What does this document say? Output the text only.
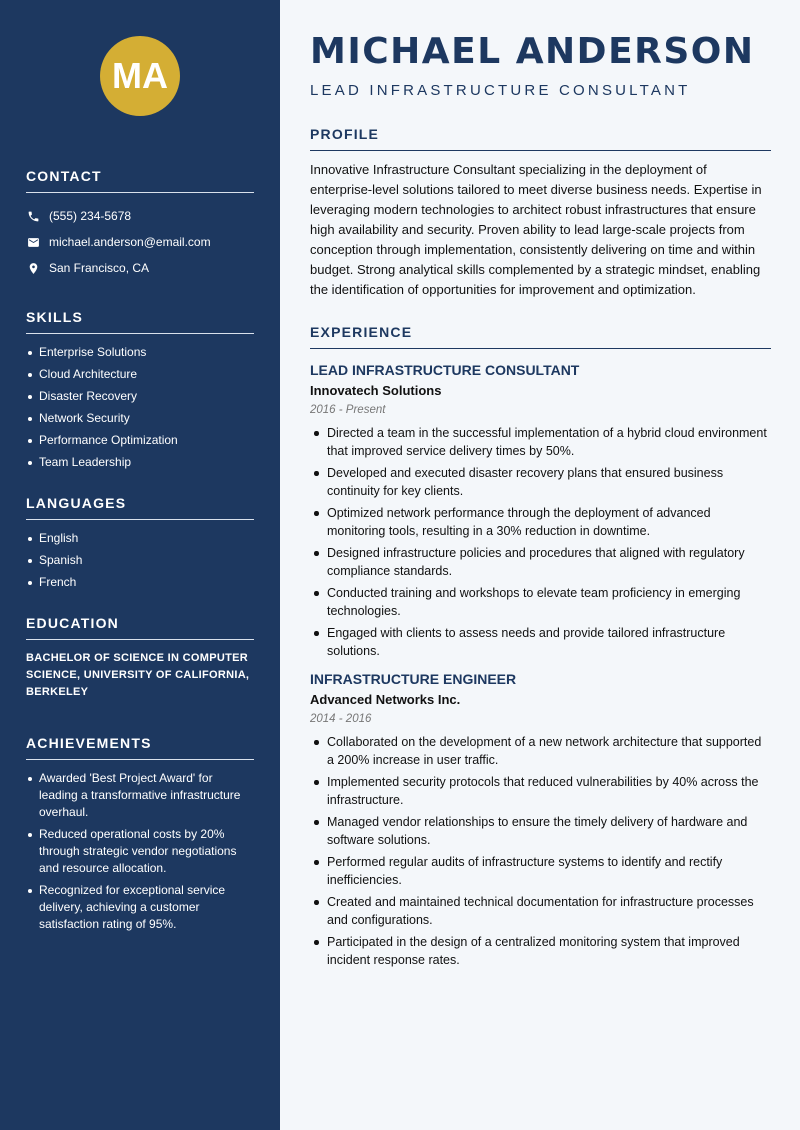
MA
CONTACT
(555) 234-5678
michael.anderson@email.com
San Francisco, CA
SKILLS
Enterprise Solutions
Cloud Architecture
Disaster Recovery
Network Security
Performance Optimization
Team Leadership
LANGUAGES
English
Spanish
French
EDUCATION
BACHELOR OF SCIENCE IN COMPUTER SCIENCE, UNIVERSITY OF CALIFORNIA, BERKELEY
ACHIEVEMENTS
Awarded 'Best Project Award' for leading a transformative infrastructure overhaul.
Reduced operational costs by 20% through strategic vendor negotiations and resource allocation.
Recognized for exceptional service delivery, achieving a customer satisfaction rating of 95%.
MICHAEL ANDERSON
LEAD INFRASTRUCTURE CONSULTANT
PROFILE

Innovative Infrastructure Consultant specializing in the deployment of enterprise-level solutions tailored to meet diverse business needs. Expertise in leveraging modern technologies to architect robust infrastructures that ensure high availability and security. Proven ability to lead large-scale projects from conception through implementation, consistently delivering on time and within budget. Strong analytical skills complemented by a strategic mindset, enabling the identification of opportunities for improvement and optimization.

EXPERIENCE
LEAD INFRASTRUCTURE CONSULTANT
Innovatech Solutions
2016 - Present
Directed a team in the successful implementation of a hybrid cloud environment that improved service delivery times by 50%.
Developed and executed disaster recovery plans that ensured business continuity for key clients.
Optimized network performance through the deployment of advanced monitoring tools, resulting in a 30% reduction in downtime.
Designed infrastructure policies and procedures that aligned with regulatory compliance standards.
Conducted training and workshops to elevate team proficiency in emerging technologies.
Engaged with clients to assess needs and provide tailored infrastructure solutions.
INFRASTRUCTURE ENGINEER
Advanced Networks Inc.
2014 - 2016
Collaborated on the development of a new network architecture that supported a 200% increase in user traffic.
Implemented security protocols that reduced vulnerabilities by 40% across the infrastructure.
Managed vendor relationships to ensure the timely delivery of hardware and software solutions.
Performed regular audits of infrastructure systems to identify and rectify inefficiencies.
Created and maintained technical documentation for infrastructure processes and configurations.
Participated in the design of a centralized monitoring system that improved incident response rates.
